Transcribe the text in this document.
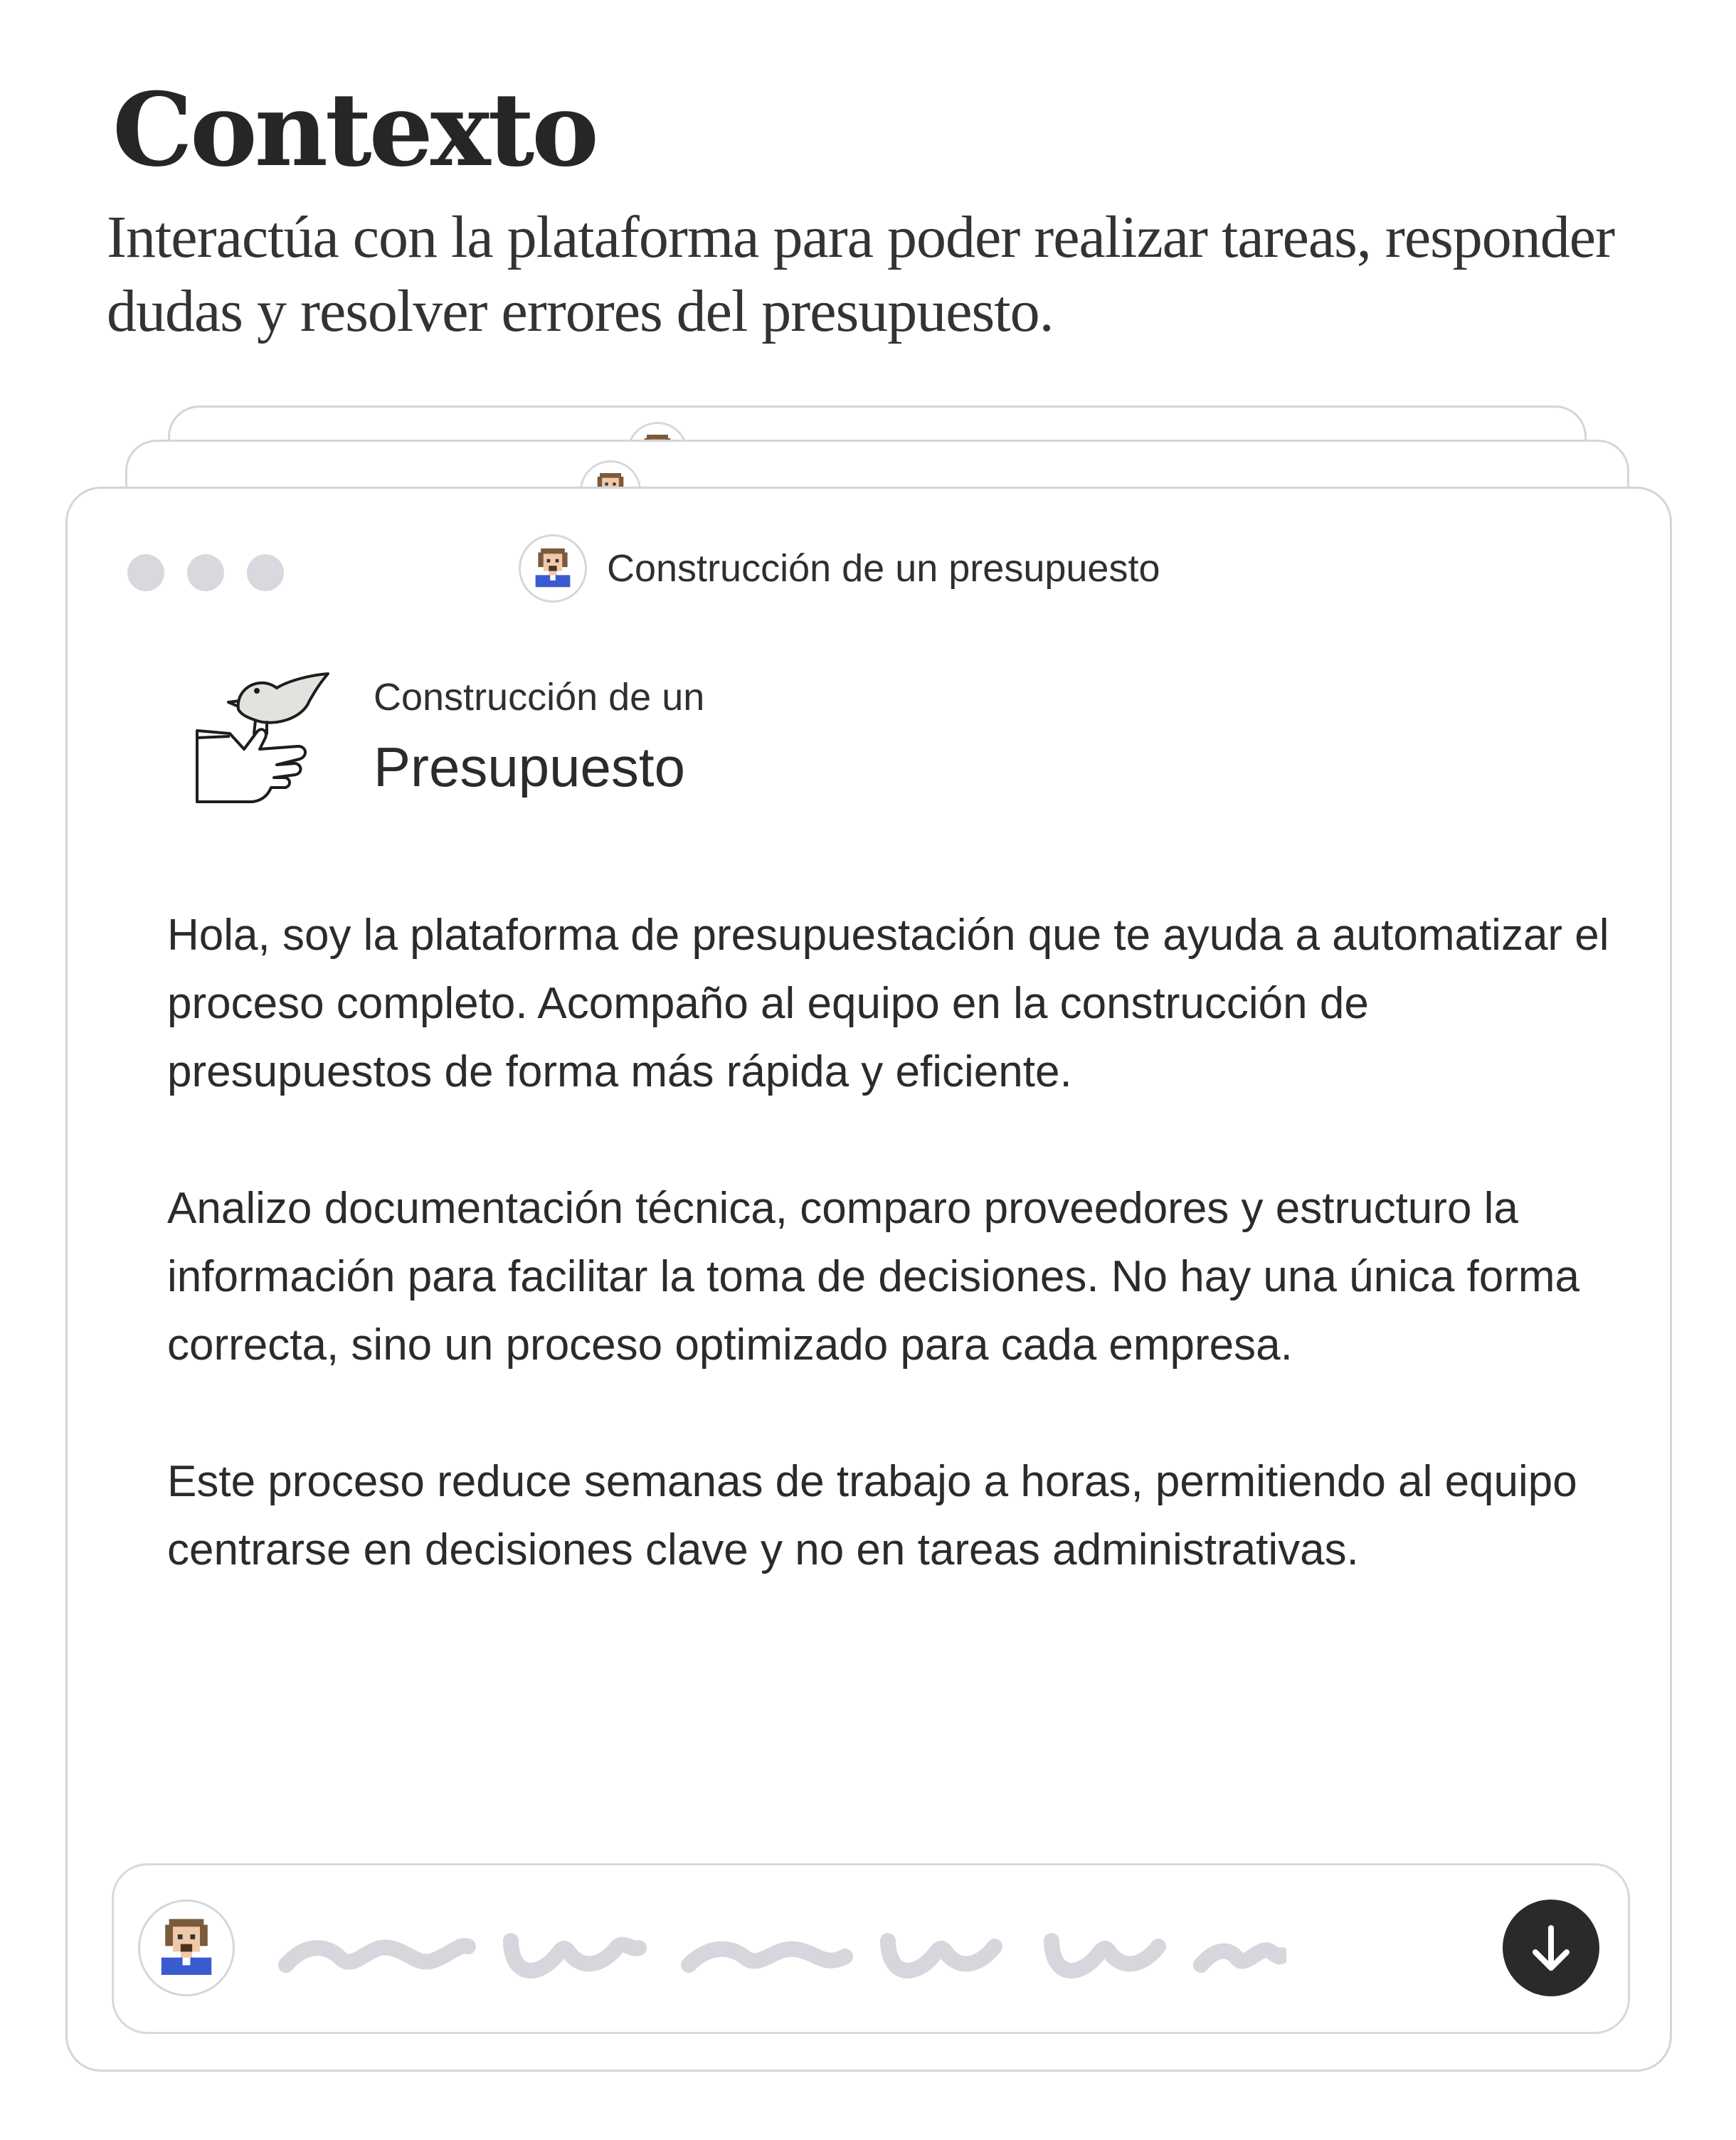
Contexto

Interactúa con la plataforma para poder realizar tareas, responder dudas y resolver errores del presupuesto.

Construcción de un presupuesto
Construcción de un
Presupuesto

Hola, soy la plataforma de presupuestación que te ayuda a automatizar el proceso completo. Acompaño al equipo en la construcción de presupuestos de forma más rápida y eficiente.

Analizo documentación técnica, comparo proveedores y estructuro la información para facilitar la toma de decisiones. No hay una única forma correcta, sino un proceso optimizado para cada empresa.

Este proceso reduce semanas de trabajo a horas, permitiendo al equipo centrarse en decisiones clave y no en tareas administrativas.
